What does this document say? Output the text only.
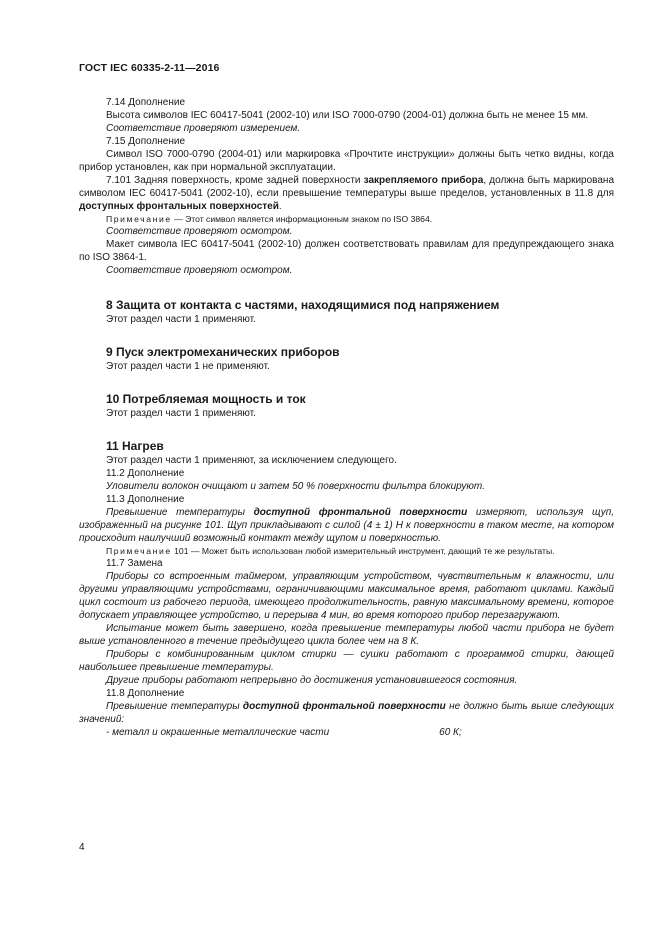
ГОСТ IEC 60335-2-11—2016

7.14 Дополнение

Высота символов IEC 60417-5041 (2002-10) или ISO 7000-0790 (2004-01) должна быть не менее 15 мм.

Соответствие проверяют измерением.

7.15 Дополнение

Символ ISO 7000-0790 (2004-01) или маркировка «Прочтите инструкции» должны быть четко видны, когда прибор установлен, как при нормальной эксплуатации.

7.101 Задняя поверхность, кроме задней поверхности закрепляемого прибора, должна быть маркирована символом IEC 60417-5041 (2002-10), если превышение температуры выше пределов, установленных в 11.8 для доступных фронтальных поверхностей.

Примечание — Этот символ является информационным знаком по ISO 3864.

Соответствие проверяют осмотром.

Макет символа IEC 60417-5041 (2002-10) должен соответствовать правилам для предупреждающего знака по ISO 3864-1.

Соответствие проверяют осмотром.

8 Защита от контакта с частями, находящимися под напряжением

Этот раздел части 1 применяют.

9 Пуск электромеханических приборов

Этот раздел части 1 не применяют.

10 Потребляемая мощность и ток

Этот раздел части 1 применяют.

11 Нагрев

Этот раздел части 1 применяют, за исключением следующего.

11.2 Дополнение

Уловители волокон очищают и затем 50 % поверхности фильтра блокируют.

11.3 Дополнение

Превышение температуры доступной фронтальной поверхности измеряют, используя щуп, изображенный на рисунке 101. Щуп прикладывают с силой (4 ± 1) Н к поверхности в таком месте, на котором происходит наилучший возможный контакт между щупом и поверхностью.

Примечание 101 — Может быть использован любой измерительный инструмент, дающий те же результаты.

11.7 Замена

Приборы со встроенным таймером, управляющим устройством, чувствительным к влажности, или другими управляющими устройствами, ограничивающими максимальное время, работают циклами. Каждый цикл состоит из рабочего периода, имеющего продолжительность, равную максимальному времени, которое допускает управляющее устройство, и перерыва 4 мин, во время которого прибор перезагружают.

Испытание может быть завершено, когда превышение температуры любой части прибора не будет выше установленного в течение предыдущего цикла более чем на 8 К.

Приборы с комбинированным циклом стирки — сушки работают с программой стирки, дающей наибольшее превышение температуры.

Другие приборы работают непрерывно до достижения установившегося состояния.

11.8 Дополнение

Превышение температуры доступной фронтальной поверхности не должно быть выше следующих значений:

- металл и окрашенные металлические части	60 К;

4
